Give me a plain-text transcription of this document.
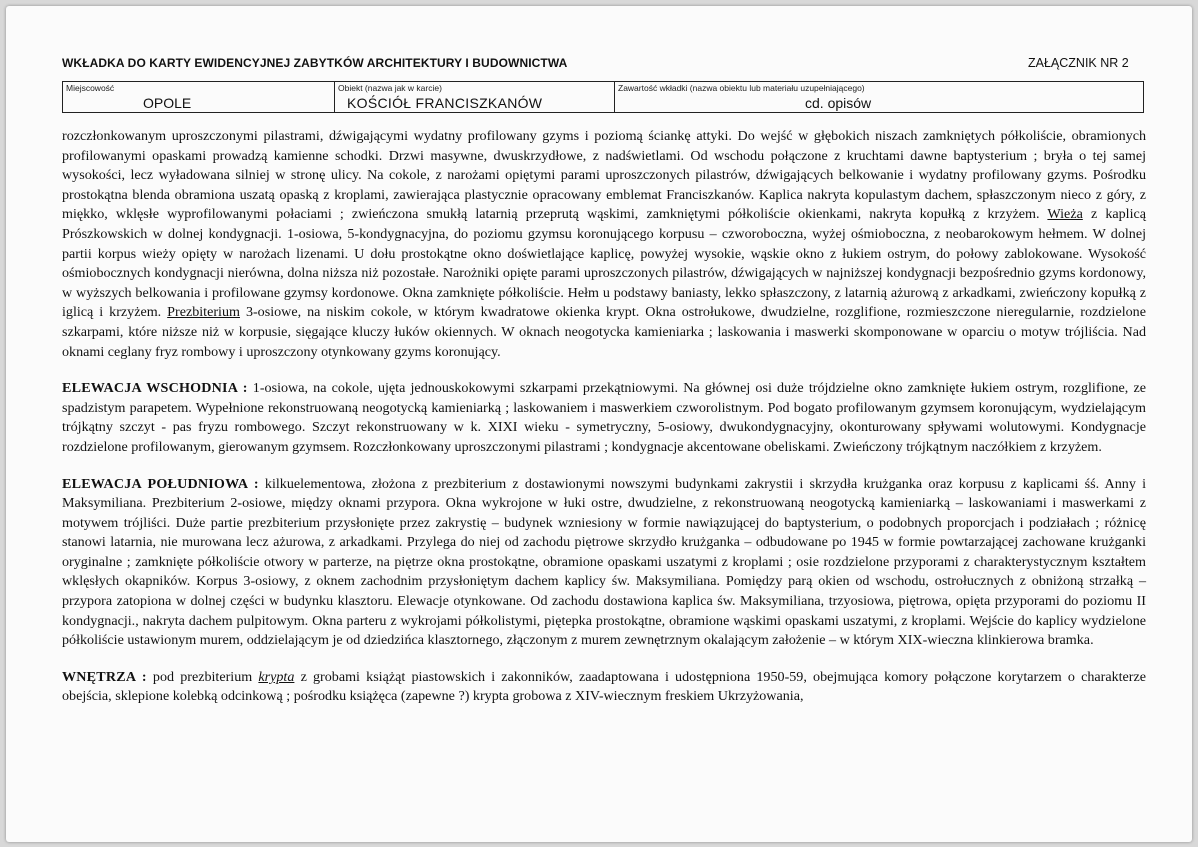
WKŁADKA DO KARTY EWIDENCYJNEJ ZABYTKÓW ARCHITEKTURY I BUDOWNICTWA	ZAŁĄCZNIK NR 2
Miejscowość
OPOLE
Obiekt (nazwa jak w karcie)
KOŚCIÓŁ FRANCISZKANÓW
Zawartość wkładki (nazwa obiektu lub materiału uzupełniającego)
cd. opisów

rozczłonkowanym uproszczonymi pilastrami, dźwigającymi wydatny profilowany gzyms i poziomą ściankę attyki. Do wejść w głębokich niszach zamkniętych półkoliście, obramionych profilowanymi opaskami prowadzą kamienne schodki. Drzwi masywne, dwuskrzydłowe, z nadświetlami. Od wschodu połączone z kruchtami dawne baptysterium ; bryła o tej samej wysokości, lecz wyładowana silniej w stronę ulicy. Na cokole, z narożami opiętymi parami uproszczonych pilastrów, dźwigających belkowanie i wydatny profilowany gzyms. Pośrodku prostokątna blenda obramiona uszatą opaską z kroplami, zawierająca plastycznie opracowany emblemat Franciszkanów. Kaplica nakryta kopulastym dachem, spłaszczonym nieco z góry, z miękko, wklęsłe wyprofilowanymi połaciami ; zwieńczona smukłą latarnią przeprutą wąskimi, zamkniętymi półkoliście okienkami, nakryta kopułką z krzyżem. Wieża z kaplicą Prószkowskich w dolnej kondygnacji. 1-osiowa, 5-kondygnacyjna, do poziomu gzymsu koronującego korpusu – czworoboczna, wyżej ośmioboczna, z neobarokowym hełmem. W dolnej partii korpus wieży opięty w narożach lizenami. U dołu prostokątne okno doświetlające kaplicę, powyżej wysokie, wąskie okno z łukiem ostrym, do połowy zablokowane. Wysokość ośmiobocznych kondygnacji nierówna, dolna niższa niż pozostałe. Narożniki opięte parami uproszczonych pilastrów, dźwigających w najniższej kondygnacji bezpośrednio gzyms kordonowy, w wyższych belkowania i profilowane gzymsy kordonowe. Okna zamknięte półkoliście. Hełm u podstawy baniasty, lekko spłaszczony, z latarnią ażurową z arkadkami, zwieńczony kopułką z iglicą i krzyżem. Prezbiterium 3-osiowe, na niskim cokole, w którym kwadratowe okienka krypt. Okna ostrołukowe, dwudzielne, rozglifione, rozmieszczone nieregularnie, rozdzielone szkarpami, które niższe niż w korpusie, sięgające kluczy łuków okiennych. W oknach neogotycka kamieniarka ; laskowania i maswerki skomponowane w oparciu o motyw trójliścia. Nad oknami ceglany fryz rombowy i uproszczony otynkowany gzyms koronujący.

ELEWACJA WSCHODNIA : 1-osiowa, na cokole, ujęta jednouskokowymi szkarpami przekątniowymi. Na głównej osi duże trójdzielne okno zamknięte łukiem ostrym, rozglifione, ze spadzistym parapetem. Wypełnione rekonstruowaną neogotycką kamieniarką ; laskowaniem i maswerkiem czworolistnym. Pod bogato profilowanym gzymsem koronującym, wydzielającym trójkątny szczyt - pas fryzu rombowego. Szczyt rekonstruowany w k. XIXI wieku - symetryczny, 5-osiowy, dwukondygnacyjny, okonturowany spływami wolutowymi. Kondygnacje rozdzielone profilowanym, gierowanym gzymsem. Rozczłonkowany uproszczonymi pilastrami ; kondygnacje akcentowane obeliskami. Zwieńczony trójkątnym naczółkiem z krzyżem.

ELEWACJA POŁUDNIOWA : kilkuelementowa, złożona z prezbiterium z dostawionymi nowszymi budynkami zakrystii i skrzydła krużganka oraz korpusu z kaplicami śś. Anny i Maksymiliana. Prezbiterium 2-osiowe, między oknami przypora. Okna wykrojone w łuki ostre, dwudzielne, z rekonstruowaną neogotycką kamieniarką – laskowaniami i maswerkami z motywem trójliści. Duże partie prezbiterium przysłonięte przez zakrystię – budynek wzniesiony w formie nawiązującej do baptysterium, o podobnych proporcjach i podziałach ; różnicę stanowi latarnia, nie murowana lecz ażurowa, z arkadkami. Przylega do niej od zachodu piętrowe skrzydło krużganka – odbudowane po 1945 w formie powtarzającej zachowane krużganki oryginalne ; zamknięte półkoliście otwory w parterze, na piętrze okna prostokątne, obramione opaskami uszatymi z kroplami ; osie rozdzielone przyporami z charakterystycznym kształtem wklęsłych okapników. Korpus 3-osiowy, z oknem zachodnim przysłoniętym dachem kaplicy św. Maksymiliana. Pomiędzy parą okien od wschodu, ostrołucznych z obniżoną strzałką – przypora zatopiona w dolnej części w budynku klasztoru. Elewacje otynkowane. Od zachodu dostawiona kaplica św. Maksymiliana, trzyosiowa, piętrowa, opięta przyporami do poziomu II kondygnacji., nakryta dachem pulpitowym. Okna parteru z wykrojami półkolistymi, piętерka prostokątne, obramione wąskimi opaskami uszatymi, z kroplami. Wejście do kaplicy wydzielone półkoliście ustawionym murem, oddzielającym je od dziedzińca klasztornego, złączonym z murem zewnętrznym okalającym założenie – w którym XIX-wieczna klinkierowa bramka.

WNĘTRZA : pod prezbiterium krypta z grobami książąt piastowskich i zakonników, zaadaptowana i udostępniona 1950-59, obejmująca komory połączone korytarzem o charakterze obejścia, sklepione kolebką odcinkową ; pośrodku książęca (zapewne ?) krypta grobowa z XIV-wiecznym freskiem Ukrzyżowania,
